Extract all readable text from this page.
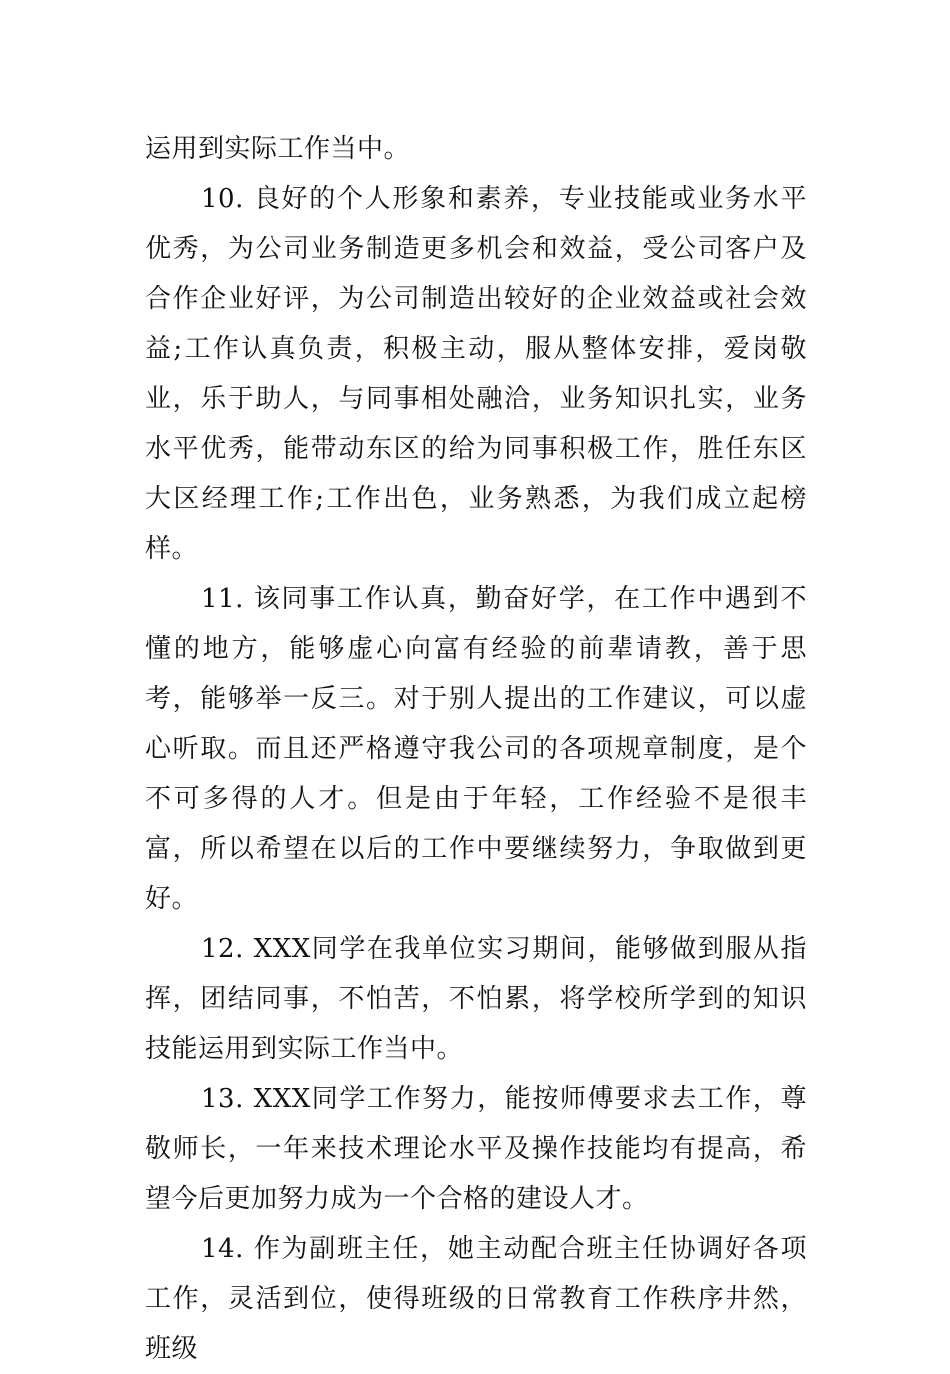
运用到实际工作当中。

10. 良好的个人形象和素养，专业技能或业务水平优秀，为公司业务制造更多机会和效益，受公司客户及合作企业好评，为公司制造出较好的企业效益或社会效益;工作认真负责，积极主动，服从整体安排，爱岗敬业，乐于助人，与同事相处融洽，业务知识扎实，业务水平优秀，能带动东区的给为同事积极工作，胜任东区大区经理工作;工作出色，业务熟悉，为我们成立起榜样。

11. 该同事工作认真，勤奋好学，在工作中遇到不懂的地方，能够虚心向富有经验的前辈请教，善于思考，能够举一反三。对于别人提出的工作建议，可以虚心听取。而且还严格遵守我公司的各项规章制度，是个不可多得的人才。但是由于年轻，工作经验不是很丰富，所以希望在以后的工作中要继续努力，争取做到更好。

12. XXX同学在我单位实习期间，能够做到服从指挥，团结同事，不怕苦，不怕累，将学校所学到的知识技能运用到实际工作当中。

13. XXX同学工作努力，能按师傅要求去工作，尊敬师长，一年来技术理论水平及操作技能均有提高，希望今后更加努力成为一个合格的建设人才。

14. 作为副班主任，她主动配合班主任协调好各项工作，灵活到位，使得班级的日常教育工作秩序井然，班级
